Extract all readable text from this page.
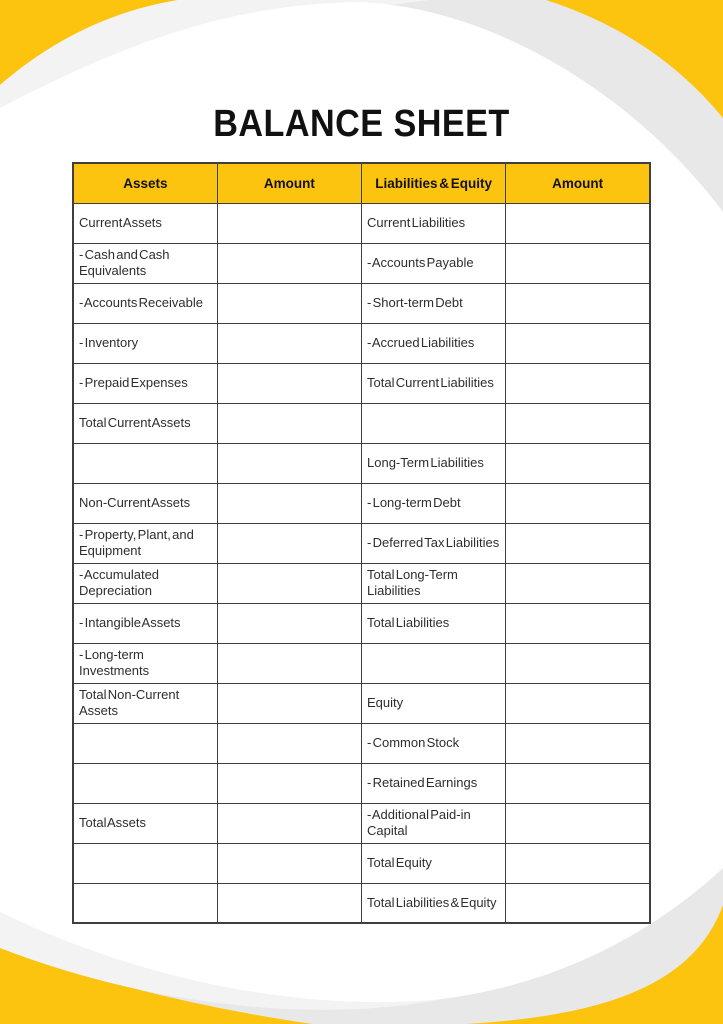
BALANCE SHEET
Assets	Amount	Liabilities & Equity	Amount
Current Assets		Current Liabilities	
- Cash and Cash Equivalents		- Accounts Payable	
- Accounts Receivable		- Short-term Debt	
- Inventory		- Accrued Liabilities	
- Prepaid Expenses		Total Current Liabilities	
Total Current Assets			
		Long-Term Liabilities	
Non-Current Assets		- Long-term Debt	
- Property, Plant, and Equipment		- Deferred Tax Liabilities	
- Accumulated Depreciation		Total Long-Term Liabilities	
- Intangible Assets		Total Liabilities	
- Long-term Investments			
Total Non-Current Assets		Equity	
		- Common Stock	
		- Retained Earnings	
Total Assets		- Additional Paid-in Capital	
		Total Equity	
		Total Liabilities & Equity	
